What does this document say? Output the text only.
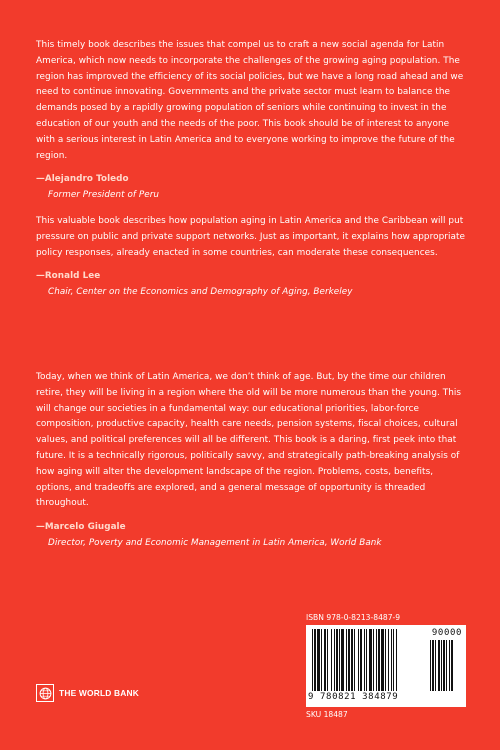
This timely book describes the issues that compel us to craft a new social agenda for Latin America, which now needs to incorporate the challenges of the growing aging population. The region has improved the efficiency of its social policies, but we have a long road ahead and we need to continue innovating. Governments and the private sector must learn to balance the demands posed by a rapidly growing population of seniors while continuing to invest in the education of our youth and the needs of the poor. This book should be of interest to anyone with a serious interest in Latin America and to everyone working to improve the future of the region.

—Alejandro Toledo
Former President of Peru

This valuable book describes how population aging in Latin America and the Caribbean will put pressure on public and private support networks. Just as important, it explains how appropriate policy responses, already enacted in some countries, can moderate these consequences.

—Ronald Lee
Chair, Center on the Economics and Demography of Aging, Berkeley

Today, when we think of Latin America, we don’t think of age. But, by the time our children retire, they will be living in a region where the old will be more numerous than the young. This will change our societies in a fundamental way: our educational priorities, labor-force composition, productive capacity, health care needs, pension systems, fiscal choices, cultural values, and political preferences will all be different. This book is a daring, first peek into that future. It is a technically rigorous, politically savvy, and strategically path-breaking analysis of how aging will alter the development landscape of the region. Problems, costs, benefits, options, and tradeoffs are explored, and a general message of opportunity is threaded throughout.

—Marcelo Giugale
Director, Poverty and Economic Management in Latin America, World Bank
ISBN 978-0-8213-8487-9
90000
9 780821 384879
SKU 18487
THE WORLD BANK
